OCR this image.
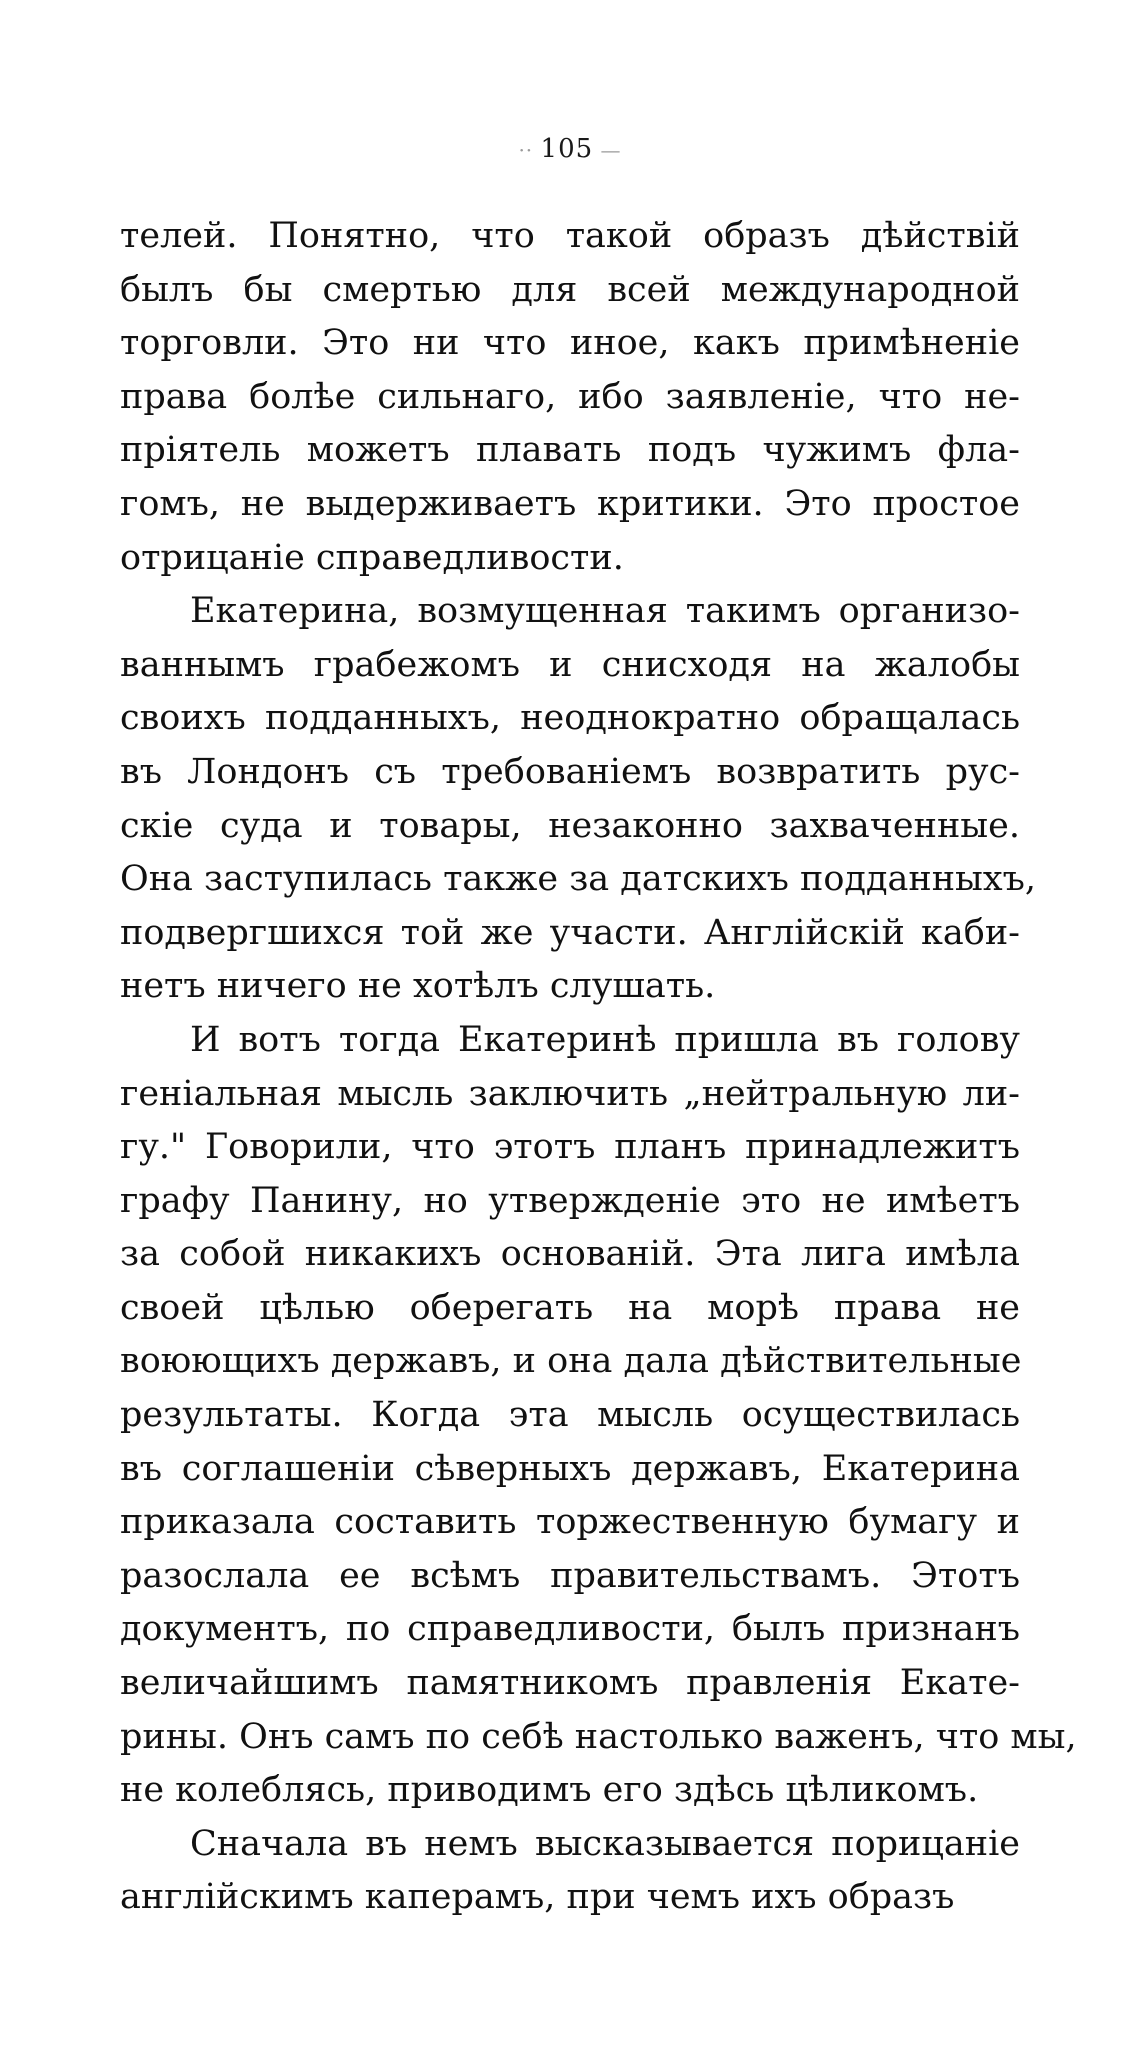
·· 105 —
телей. Понятно, что такой образъ дѣйствій
былъ бы смертью для всей международной
торговли. Это ни что иное, какъ примѣненіе
права болѣе сильнаго, ибо заявленіе, что не-
пріятель можетъ плавать подъ чужимъ фла-
гомъ, не выдерживаетъ критики. Это простое
отрицаніе справедливости.
Екатерина, возмущенная такимъ организо-
ваннымъ грабежомъ и снисходя на жалобы
своихъ подданныхъ, неоднократно обращалась
въ Лондонъ съ требованіемъ возвратить рус-
скіе суда и товары, незаконно захваченные.
Она заступилась также за датскихъ подданныхъ,
подвергшихся той же участи. Англійскій каби-
нетъ ничего не хотѣлъ слушать.
И вотъ тогда Екатеринѣ пришла въ голову
геніальная мысль заключить „нейтральную ли-
гу." Говорили, что этотъ планъ принадлежитъ
графу Панину, но утвержденіе это не имѣетъ
за собой никакихъ основаній. Эта лига имѣла
своей цѣлью оберегать на морѣ права не
воюющихъ державъ, и она дала дѣйствительные
результаты. Когда эта мысль осуществилась
въ соглашеніи сѣверныхъ державъ, Екатерина
приказала составить торжественную бумагу и
разослала ее всѣмъ правительствамъ. Этотъ
документъ, по справедливости, былъ признанъ
величайшимъ памятникомъ правленія Екате-
рины. Онъ самъ по себѣ настолько важенъ, что мы,
не колеблясь, приводимъ его здѣсь цѣликомъ.
Сначала въ немъ высказывается порицаніе
англійскимъ каперамъ, при чемъ ихъ образъ
